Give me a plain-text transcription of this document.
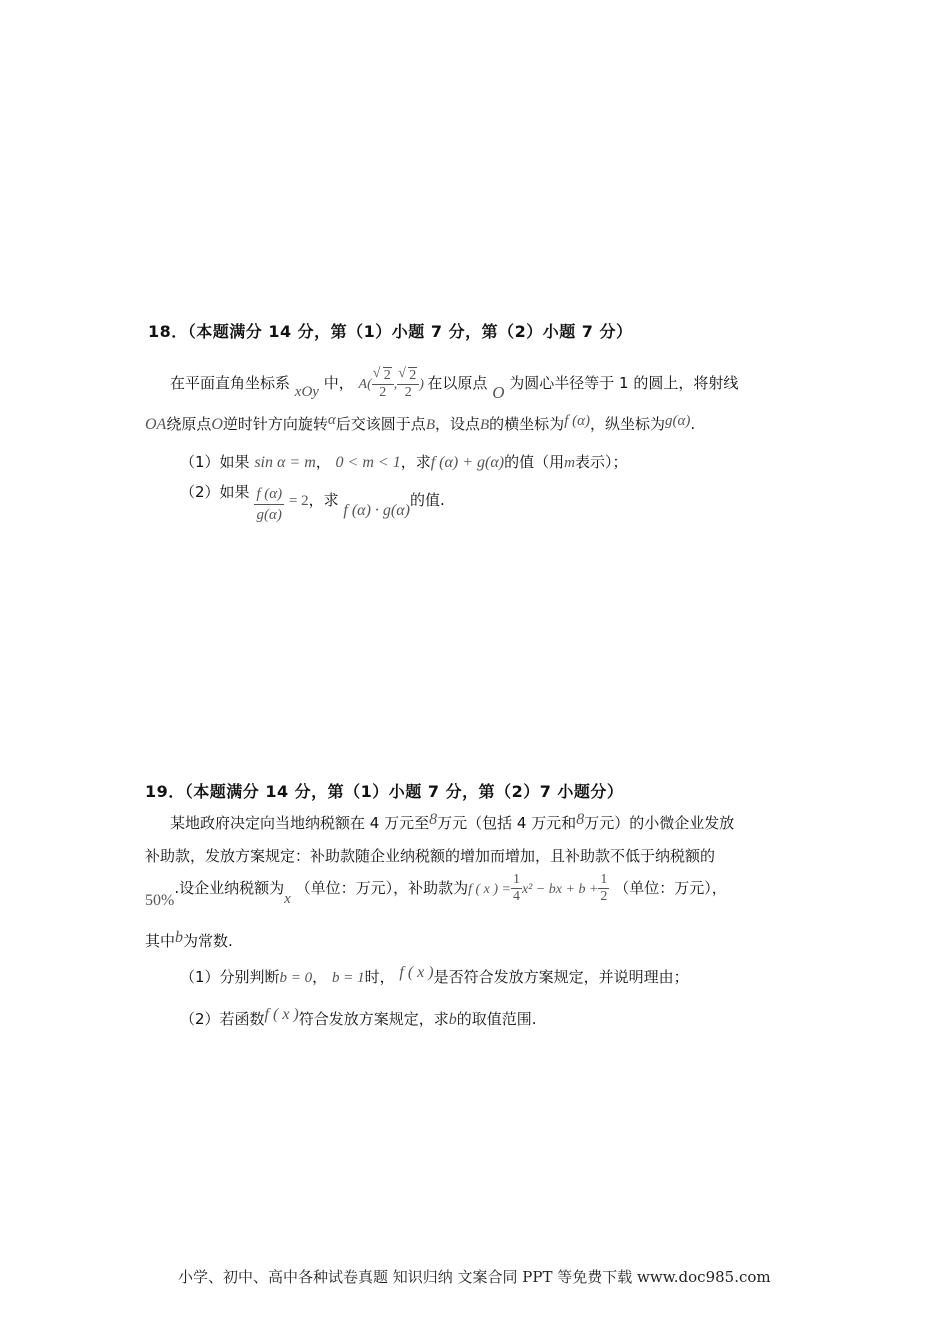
18．（本题满分 14 分，第（1）小题 7 分，第（2）小题 7 分）
在平面直角坐标系 xOy 中， A( √ $\frac{2}{2}$ , √ $\frac{2}{2}$ ) 在以原点 O 为圆心半径等于 1 的圆上，将射线
OA绕原点O逆时针方向旋转α后交该圆于点B，设点B的横坐标为f (α)，纵坐标为g(α).
（1）如果 sin α = m， 0 < m < 1，求f (α) + g(α)的值（用m表示）；
（2）如果 $\frac{f (\alpha)}{g(\alpha)} = 2$，求 f (α) · g(α)的值.
19．（本题满分 14 分，第（1）小题 7 分，第（2）7 小题分）
某地政府决定向当地纳税额在 4 万元至8万元（包括 4 万元和8万元）的小微企业发放
补助款，发放方案规定：补助款随企业纳税额的增加而增加，且补助款不低于纳税额的
50%.设企业纳税额为x （单位：万元），补助款为f ( x ) = $\frac{1}{4} x^2$ − bx + $b + \frac{1}{2}$ （单位：万元），
其中b为常数.
（1）分别判断b = 0， b = 1时， f ( x )是否符合发放方案规定，并说明理由；
（2）若函数f ( x )符合发放方案规定，求b的取值范围.
小学、初中、高中各种试卷真题 知识归纳 文案合同 PPT 等免费下载 www.doc985.com
